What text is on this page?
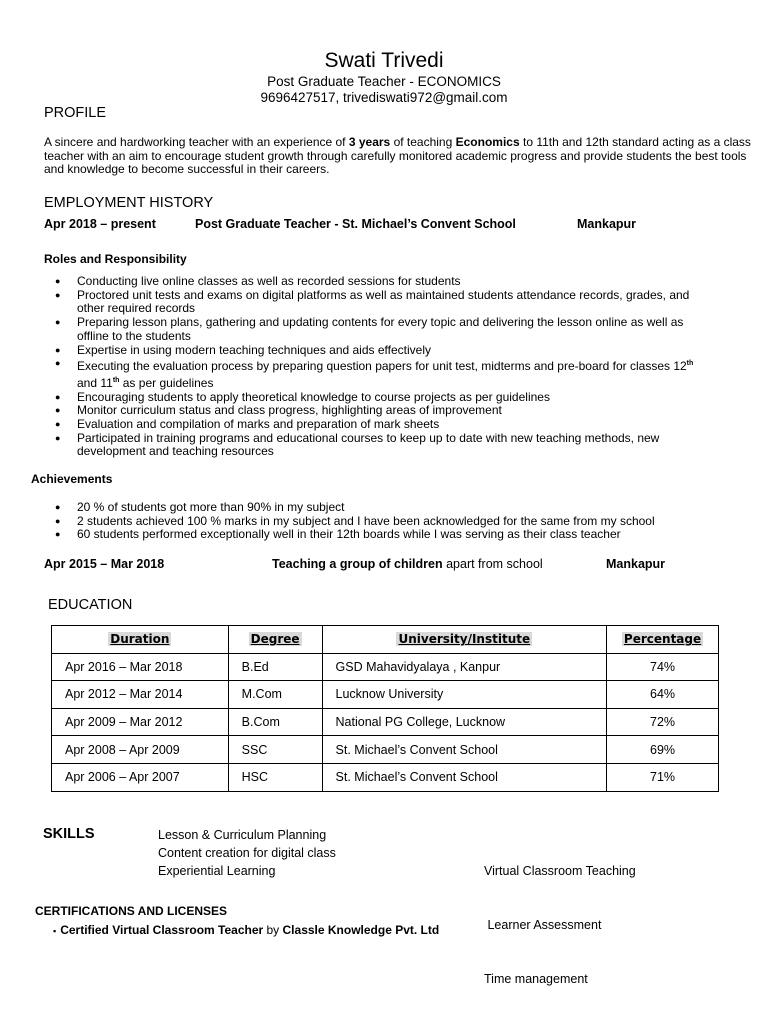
Swati Trivedi
Post Graduate Teacher - ECONOMICS
9696427517, trivediswati972@gmail.com
PROFILE

A sincere and hardworking teacher with an experience of 3 years of teaching Economics to 11th and 12th standard acting as a class teacher with an aim to encourage student growth through carefully monitored academic progress and provide students the best tools and knowledge to become successful in their careers.

EMPLOYMENT HISTORY
Apr 2018 – present	Post Graduate Teacher - St. Michael’s Convent School	Mankapur
Roles and Responsibility
● Conducting live online classes as well as recorded sessions for students
● Proctored unit tests and exams on digital platforms as well as maintained students attendance records, grades, and other required records
● Preparing lesson plans, gathering and updating contents for every topic and delivering the lesson online as well as offline to the students
● Expertise in using modern teaching techniques and aids effectively
● Executing the evaluation process by preparing question papers for unit test, midterms and pre-board for classes 12th and 11th as per guidelines
● Encouraging students to apply theoretical knowledge to course projects as per guidelines
● Monitor curriculum status and class progress, highlighting areas of improvement
● Evaluation and compilation of marks and preparation of mark sheets
● Participated in training programs and educational courses to keep up to date with new teaching methods, new development and teaching resources
Achievements
● 20 % of students got more than 90% in my subject
● 2 students achieved 100 % marks in my subject and I have been acknowledged for the same from my school
● 60 students performed exceptionally well in their 12th boards while I was serving as their class teacher
Apr 2015 – Mar 2018	Teaching a group of children apart from school	Mankapur
EDUCATION
Duration	Degree	University/Institute	Percentage
Apr 2016 – Mar 2018	B.Ed	GSD Mahavidyalaya , Kanpur	74%
Apr 2012 – Mar 2014	M.Com	Lucknow University	64%
Apr 2009 – Mar 2012	B.Com	National PG College, Lucknow	72%
Apr 2008 – Apr 2009	SSC	St. Michael’s Convent School	69%
Apr 2006 – Apr 2007	HSC	St. Michael’s Convent School	71%
SKILLS	Lesson & Curriculum Planning
Content creation for digital class
Experiential Learning

	Virtual Classroom Teaching

Learner Assessment

Time management

CERTIFICATIONS AND LICENSES
▪ Certified Virtual Classroom Teacher by Classle Knowledge Pvt. Ltd
